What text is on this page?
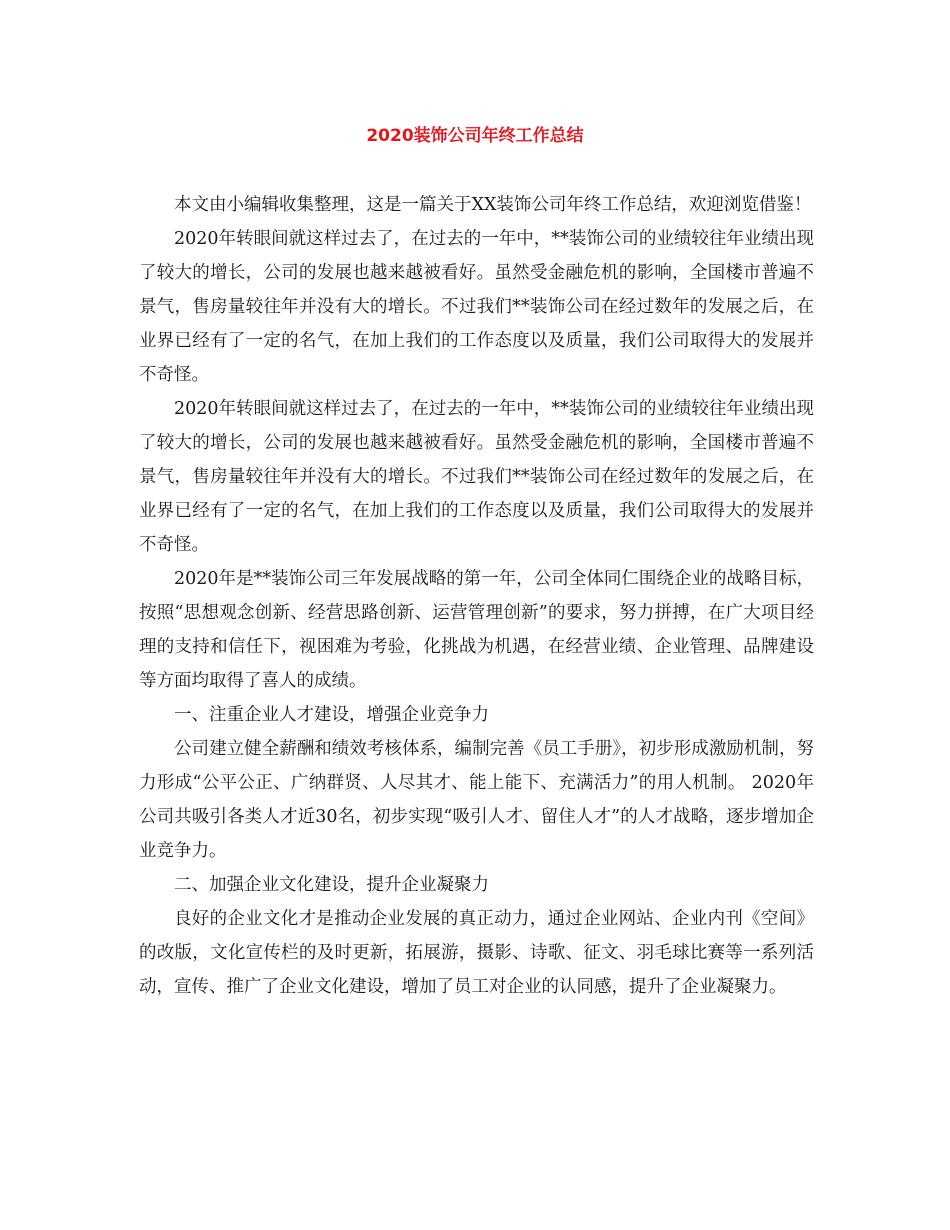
2020装饰公司年终工作总结

本文由小编辑收集整理，这是一篇关于XX装饰公司年终工作总结，欢迎浏览借鉴！

2020年转眼间就这样过去了，在过去的一年中，**装饰公司的业绩较往年业绩出现了较大的增长，公司的发展也越来越被看好。虽然受金融危机的影响，全国楼市普遍不景气，售房量较往年并没有大的增长。不过我们**装饰公司在经过数年的发展之后，在业界已经有了一定的名气，在加上我们的工作态度以及质量，我们公司取得大的发展并不奇怪。

2020年转眼间就这样过去了，在过去的一年中，**装饰公司的业绩较往年业绩出现了较大的增长，公司的发展也越来越被看好。虽然受金融危机的影响，全国楼市普遍不景气，售房量较往年并没有大的增长。不过我们**装饰公司在经过数年的发展之后，在业界已经有了一定的名气，在加上我们的工作态度以及质量，我们公司取得大的发展并不奇怪。

2020年是**装饰公司三年发展战略的第一年，公司全体同仁围绕企业的战略目标，按照“思想观念创新、经营思路创新、运营管理创新”的要求，努力拼搏，在广大项目经理的支持和信任下，视困难为考验，化挑战为机遇，在经营业绩、企业管理、品牌建设等方面均取得了喜人的成绩。

一、注重企业人才建设，增强企业竞争力

公司建立健全薪酬和绩效考核体系，编制完善《员工手册》，初步形成激励机制，努力形成“公平公正、广纳群贤、人尽其才、能上能下、充满活力”的用人机制。 2020年公司共吸引各类人才近30名，初步实现“吸引人才、留住人才”的人才战略，逐步增加企业竞争力。

二、加强企业文化建设，提升企业凝聚力

良好的企业文化才是推动企业发展的真正动力，通过企业网站、企业内刊《空间》的改版，文化宣传栏的及时更新，拓展游，摄影、诗歌、征文、羽毛球比赛等一系列活动，宣传、推广了企业文化建设，增加了员工对企业的认同感，提升了企业凝聚力。
